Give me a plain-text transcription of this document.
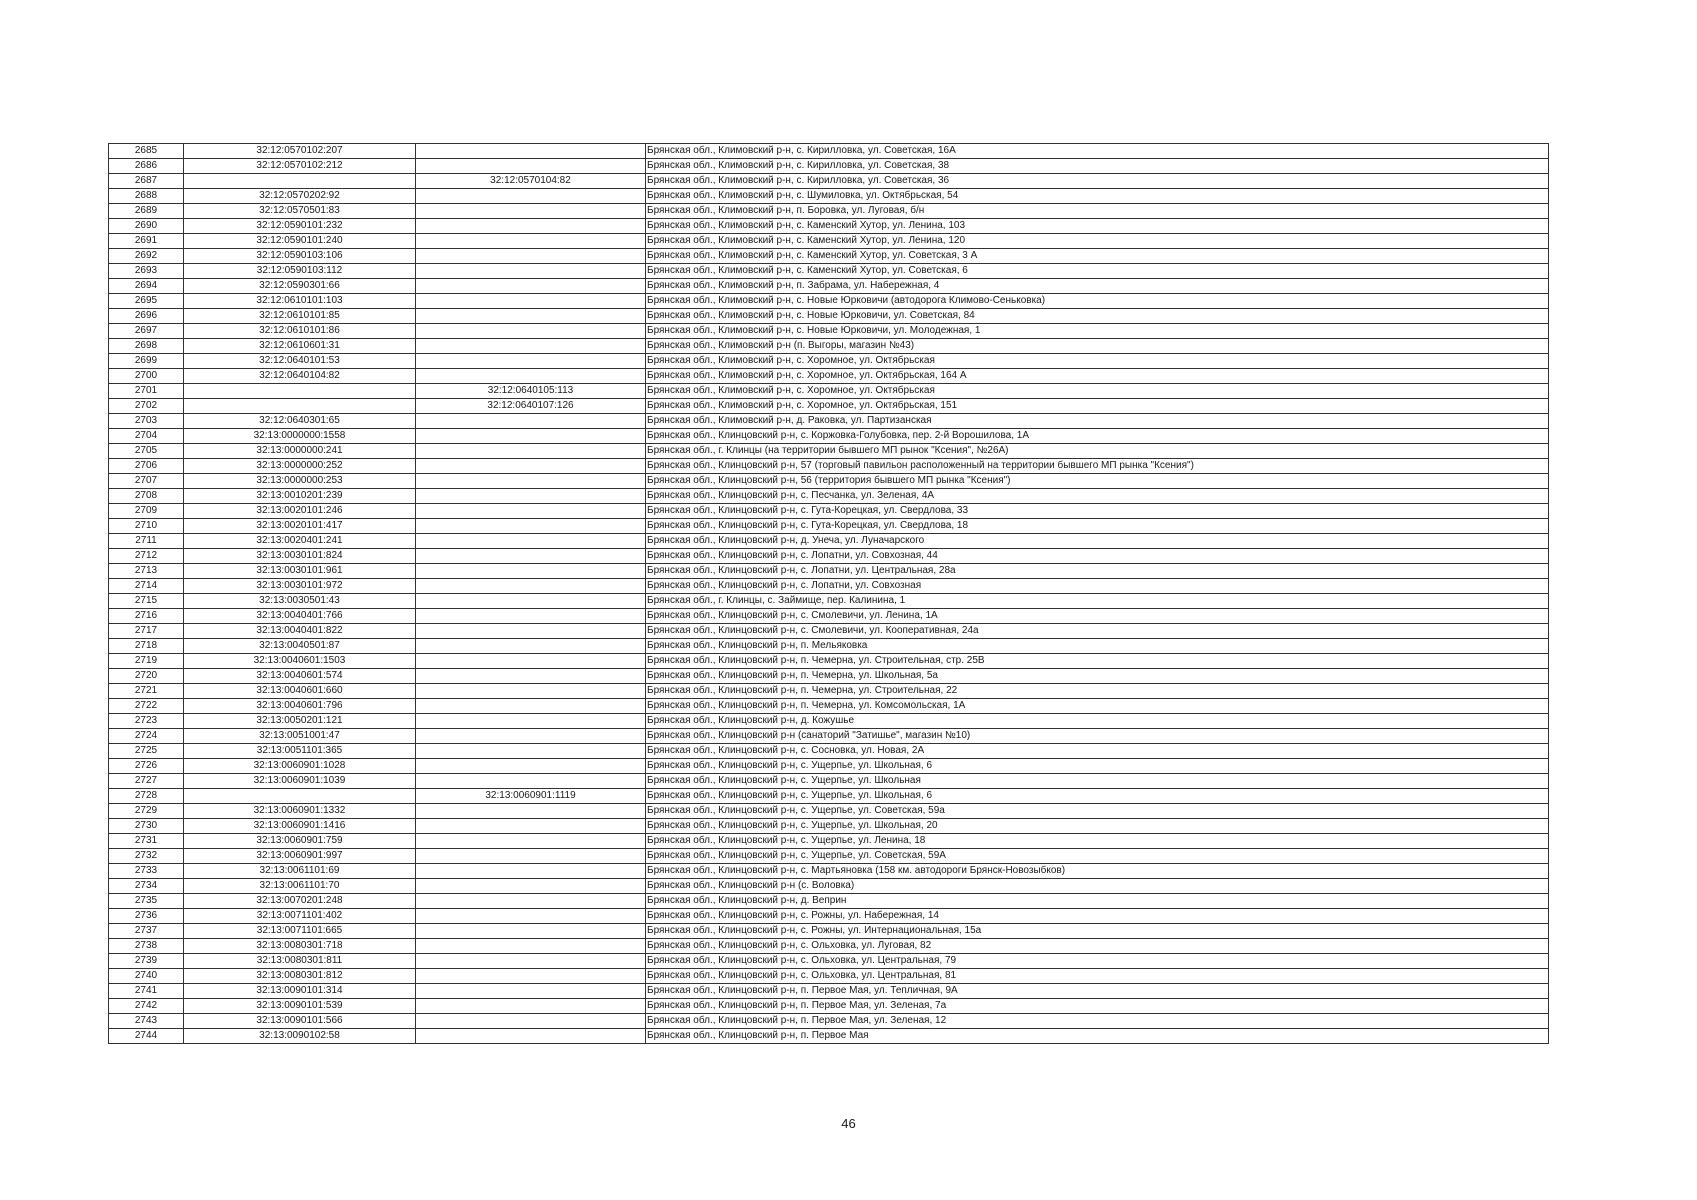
2685	32:12:0570102:207		Брянская обл., Климовский р-н, с. Кирилловка, ул. Советская, 16А
2686	32:12:0570102:212		Брянская обл., Климовский р-н, с. Кирилловка, ул. Советская, 38
2687		32:12:0570104:82	Брянская обл., Климовский р-н, с. Кирилловка, ул. Советская, 36
2688	32:12:0570202:92		Брянская обл., Климовский р-н, с. Шумиловка, ул. Октябрьская, 54
2689	32:12:0570501:83		Брянская обл., Климовский р-н, п. Боровка, ул. Луговая, б/н
2690	32:12:0590101:232		Брянская обл., Климовский р-н, с. Каменский Хутор, ул. Ленина, 103
2691	32:12:0590101:240		Брянская обл., Климовский р-н, с. Каменский Хутор, ул. Ленина, 120
2692	32:12:0590103:106		Брянская обл., Климовский р-н, с. Каменский Хутор, ул. Советская, 3 А
2693	32:12:0590103:112		Брянская обл., Климовский р-н, с. Каменский Хутор, ул. Советская, 6
2694	32:12:0590301:66		Брянская обл., Климовский р-н, п. Забрама, ул. Набережная, 4
2695	32:12:0610101:103		Брянская обл., Климовский р-н, с. Новые Юрковичи (автодорога Климово-Сеньковка)
2696	32:12:0610101:85		Брянская обл., Климовский р-н, с. Новые Юрковичи, ул. Советская, 84
2697	32:12:0610101:86		Брянская обл., Климовский р-н, с. Новые Юрковичи, ул. Молодежная, 1
2698	32:12:0610601:31		Брянская обл., Климовский р-н (п. Выгоры, магазин №43)
2699	32:12:0640101:53		Брянская обл., Климовский р-н, с. Хоромное, ул. Октябрьская
2700	32:12:0640104:82		Брянская обл., Климовский р-н, с. Хоромное, ул. Октябрьская, 164 А
2701		32:12:0640105:113	Брянская обл., Климовский р-н, с. Хоромное, ул. Октябрьская
2702		32:12:0640107:126	Брянская обл., Климовский р-н, с. Хоромное, ул. Октябрьская, 151
2703	32:12:0640301:65		Брянская обл., Климовский р-н, д. Раковка, ул. Партизанская
2704	32:13:0000000:1558		Брянская обл., Клинцовский р-н, с. Коржовка-Голубовка, пер. 2-й Ворошилова, 1А
2705	32:13:0000000:241		Брянская обл., г. Клинцы (на территории бывшего МП рынок "Ксения", №26А)
2706	32:13:0000000:252		Брянская обл., Клинцовский р-н, 57 (торговый павильон расположенный на территории бывшего МП рынка "Ксения")
2707	32:13:0000000:253		Брянская обл., Клинцовский р-н, 56 (территория бывшего МП рынка "Ксения")
2708	32:13:0010201:239		Брянская обл., Клинцовский р-н, с. Песчанка, ул. Зеленая, 4А
2709	32:13:0020101:246		Брянская обл., Клинцовский р-н, с. Гута-Корецкая, ул. Свердлова, 33
2710	32:13:0020101:417		Брянская обл., Клинцовский р-н, с. Гута-Корецкая, ул. Свердлова, 18
2711	32:13:0020401:241		Брянская обл., Клинцовский р-н, д. Унеча, ул. Луначарского
2712	32:13:0030101:824		Брянская обл., Клинцовский р-н, с. Лопатни, ул. Совхозная, 44
2713	32:13:0030101:961		Брянская обл., Клинцовский р-н, с. Лопатни, ул. Центральная, 28а
2714	32:13:0030101:972		Брянская обл., Клинцовский р-н, с. Лопатни, ул. Совхозная
2715	32:13:0030501:43		Брянская обл., г. Клинцы, с. Займище, пер. Калинина, 1
2716	32:13:0040401:766		Брянская обл., Клинцовский р-н, с. Смолевичи, ул. Ленина, 1А
2717	32:13:0040401:822		Брянская обл., Клинцовский р-н, с. Смолевичи, ул. Кооперативная, 24а
2718	32:13:0040501:87		Брянская обл., Клинцовский р-н, п. Мельяковка
2719	32:13:0040601:1503		Брянская обл., Клинцовский р-н, п. Чемерна, ул. Строительная, стр. 25В
2720	32:13:0040601:574		Брянская обл., Клинцовский р-н, п. Чемерна, ул. Школьная, 5а
2721	32:13:0040601:660		Брянская обл., Клинцовский р-н, п. Чемерна, ул. Строительная, 22
2722	32:13:0040601:796		Брянская обл., Клинцовский р-н, п. Чемерна, ул. Комсомольская, 1А
2723	32:13:0050201:121		Брянская обл., Клинцовский р-н, д. Кожушье
2724	32:13:0051001:47		Брянская обл., Клинцовский р-н (санаторий "Затишье", магазин №10)
2725	32:13:0051101:365		Брянская обл., Клинцовский р-н, с. Сосновка, ул. Новая, 2А
2726	32:13:0060901:1028		Брянская обл., Клинцовский р-н, с. Ущерпье, ул. Школьная, 6
2727	32:13:0060901:1039		Брянская обл., Клинцовский р-н, с. Ущерпье, ул. Школьная
2728		32:13:0060901:1119	Брянская обл., Клинцовский р-н, с. Ущерпье, ул. Школьная, 6
2729	32:13:0060901:1332		Брянская обл., Клинцовский р-н, с. Ущерпье, ул. Советская, 59а
2730	32:13:0060901:1416		Брянская обл., Клинцовский р-н, с. Ущерпье, ул. Школьная, 20
2731	32:13:0060901:759		Брянская обл., Клинцовский р-н, с. Ущерпье, ул. Ленина, 18
2732	32:13:0060901:997		Брянская обл., Клинцовский р-н, с. Ущерпье, ул. Советская, 59А
2733	32:13:0061101:69		Брянская обл., Клинцовский р-н, с. Мартьяновка (158 км. автодороги Брянск-Новозыбков)
2734	32:13:0061101:70		Брянская обл., Клинцовский р-н (с. Воловка)
2735	32:13:0070201:248		Брянская обл., Клинцовский р-н, д. Веприн
2736	32:13:0071101:402		Брянская обл., Клинцовский р-н, с. Рожны, ул. Набережная, 14
2737	32:13:0071101:665		Брянская обл., Клинцовский р-н, с. Рожны, ул. Интернациональная, 15а
2738	32:13:0080301:718		Брянская обл., Клинцовский р-н, с. Ольховка, ул. Луговая, 82
2739	32:13:0080301:811		Брянская обл., Клинцовский р-н, с. Ольховка, ул. Центральная, 79
2740	32:13:0080301:812		Брянская обл., Клинцовский р-н, с. Ольховка, ул. Центральная, 81
2741	32:13:0090101:314		Брянская обл., Клинцовский р-н, п. Первое Мая, ул. Тепличная, 9А
2742	32:13:0090101:539		Брянская обл., Клинцовский р-н, п. Первое Мая, ул. Зеленая, 7а
2743	32:13:0090101:566		Брянская обл., Клинцовский р-н, п. Первое Мая, ул. Зеленая, 12
2744	32:13:0090102:58		Брянская обл., Клинцовский р-н, п. Первое Мая
46
